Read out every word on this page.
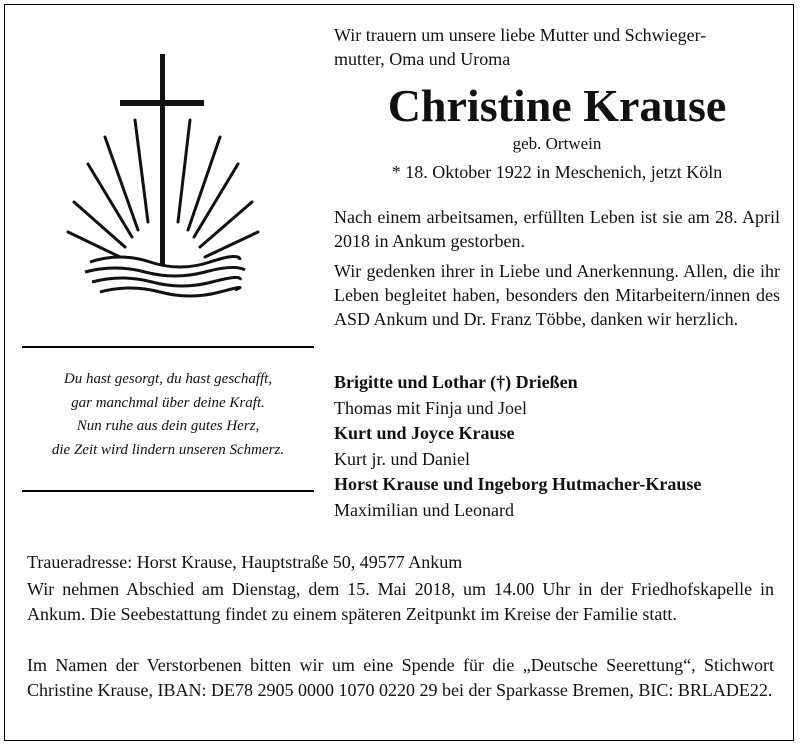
Du hast gesorgt, du hast geschafft,
gar manchmal über deine Kraft.
Nun ruhe aus dein gutes Herz,
die Zeit wird lindern unseren Schmerz.
Wir trauern um unsere liebe Mutter und Schwieger-
mutter, Oma und Uroma
Christine Krause
geb. Ortwein
* 18. Oktober 1922 in Meschenich, jetzt Köln
Nach einem arbeitsamen, erfüllten Leben ist sie am 28. April 2018 in Ankum gestorben.
Wir gedenken ihrer in Liebe und Anerkennung. Allen, die ihr Leben begleitet haben, besonders den Mitarbeitern/innen des ASD Ankum und Dr. Franz Többe, danken wir herzlich.
Brigitte und Lothar (†) Drießen
Thomas mit Finja und Joel
Kurt und Joyce Krause
Kurt jr. und Daniel
Horst Krause und Ingeborg Hutmacher-Krause
Maximilian und Leonard
Traueradresse: Horst Krause, Hauptstraße 50, 49577 Ankum
Wir nehmen Abschied am Dienstag, dem 15. Mai 2018, um 14.00 Uhr in der Friedhofskapelle in Ankum. Die Seebestattung findet zu einem späteren Zeitpunkt im Kreise der Familie statt.
Im Namen der Verstorbenen bitten wir um eine Spende für die „Deutsche Seerettung“, Stichwort Christine Krause, IBAN: DE78 2905 0000 1070 0220 29 bei der Sparkasse Bremen, BIC: BRLADE22.
